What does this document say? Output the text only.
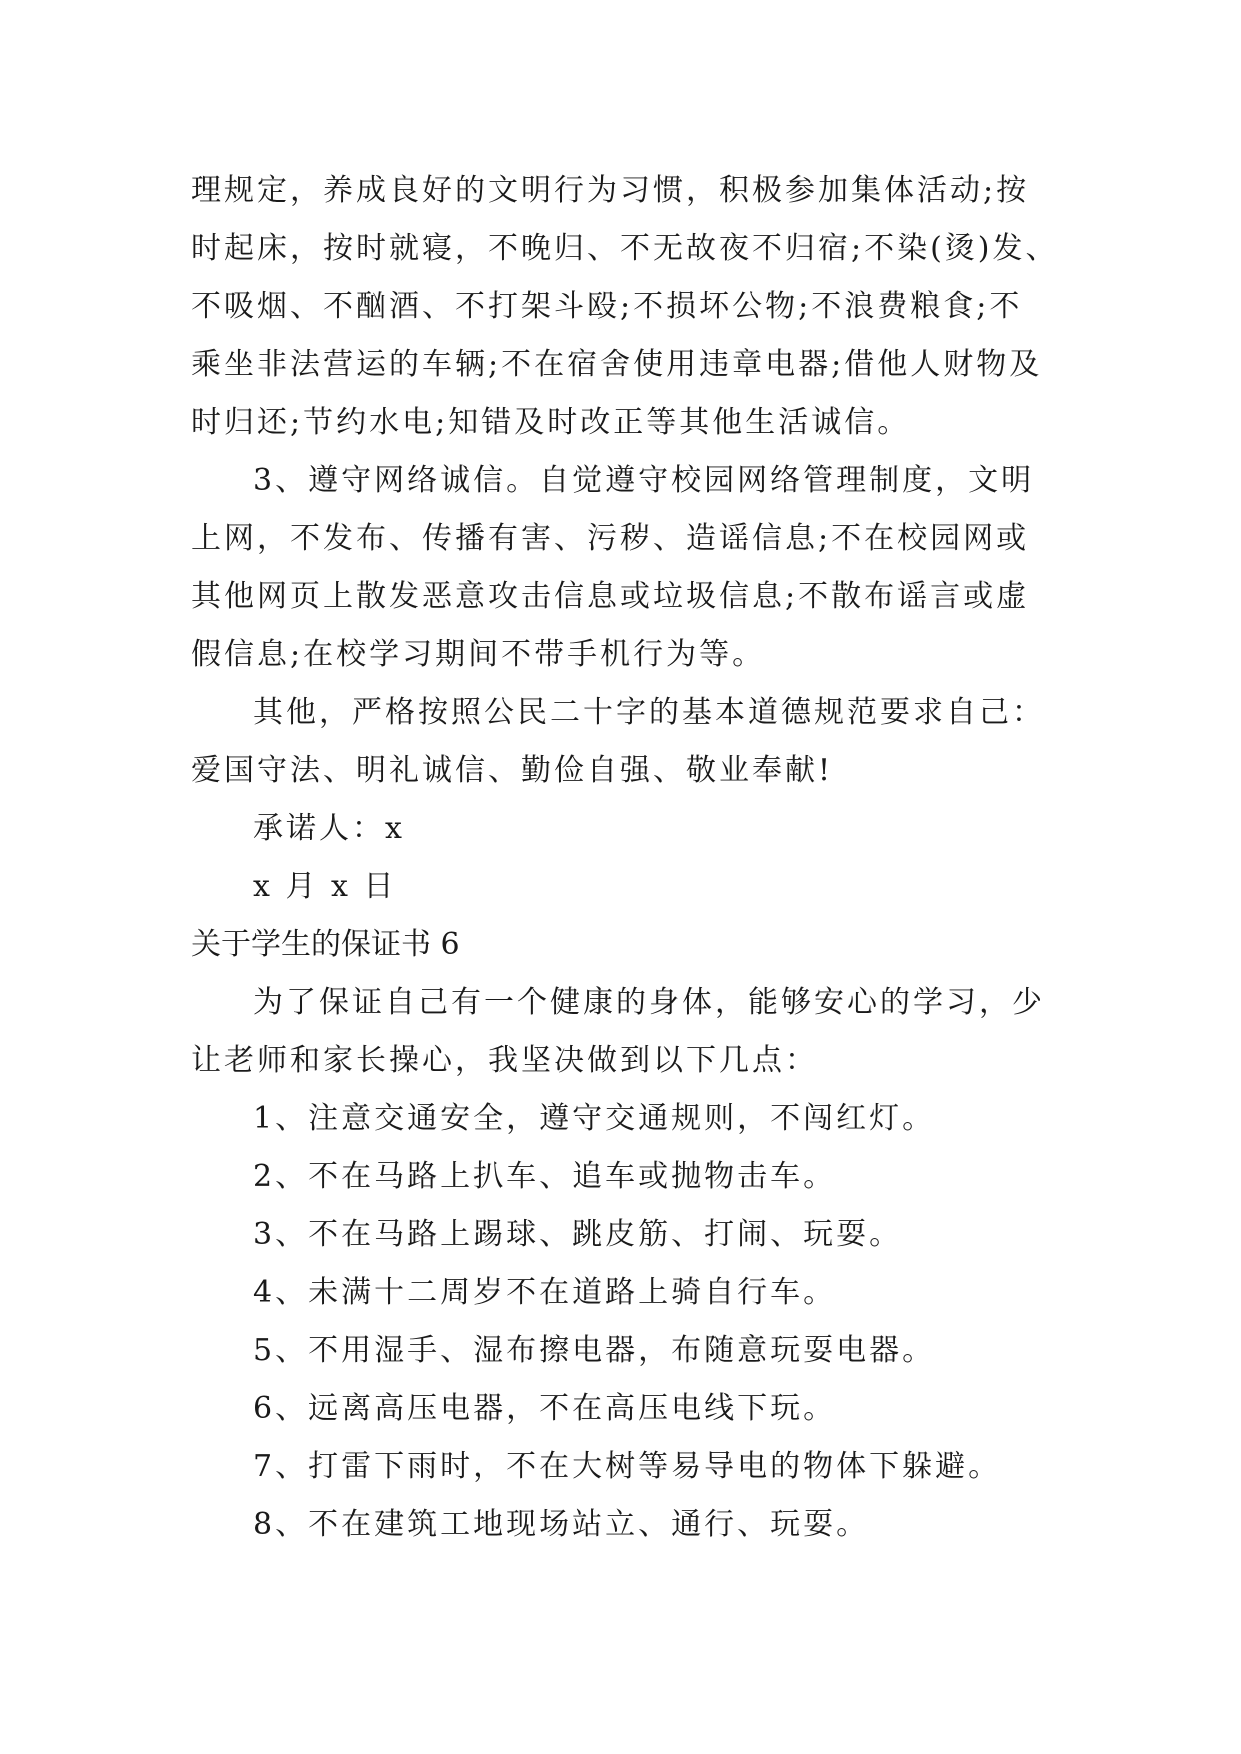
理规定，养成良好的文明行为习惯，积极参加集体活动;按
时起床，按时就寝，不晚归、不无故夜不归宿;不染(烫)发、
不吸烟、不酗酒、不打架斗殴;不损坏公物;不浪费粮食;不
乘坐非法营运的车辆;不在宿舍使用违章电器;借他人财物及
时归还;节约水电;知错及时改正等其他生活诚信。
3、遵守网络诚信。自觉遵守校园网络管理制度，文明
上网，不发布、传播有害、污秽、造谣信息;不在校园网或
其他网页上散发恶意攻击信息或垃圾信息;不散布谣言或虚
假信息;在校学习期间不带手机行为等。
其他，严格按照公民二十字的基本道德规范要求自己：
爱国守法、明礼诚信、勤俭自强、敬业奉献!
承诺人：x
x 月 x 日
关于学生的保证书 6
为了保证自己有一个健康的身体，能够安心的学习，少
让老师和家长操心，我坚决做到以下几点：
1、注意交通安全，遵守交通规则，不闯红灯。
2、不在马路上扒车、追车或抛物击车。
3、不在马路上踢球、跳皮筋、打闹、玩耍。
4、未满十二周岁不在道路上骑自行车。
5、不用湿手、湿布擦电器，布随意玩耍电器。
6、远离高压电器，不在高压电线下玩。
7、打雷下雨时，不在大树等易导电的物体下躲避。
8、不在建筑工地现场站立、通行、玩耍。
